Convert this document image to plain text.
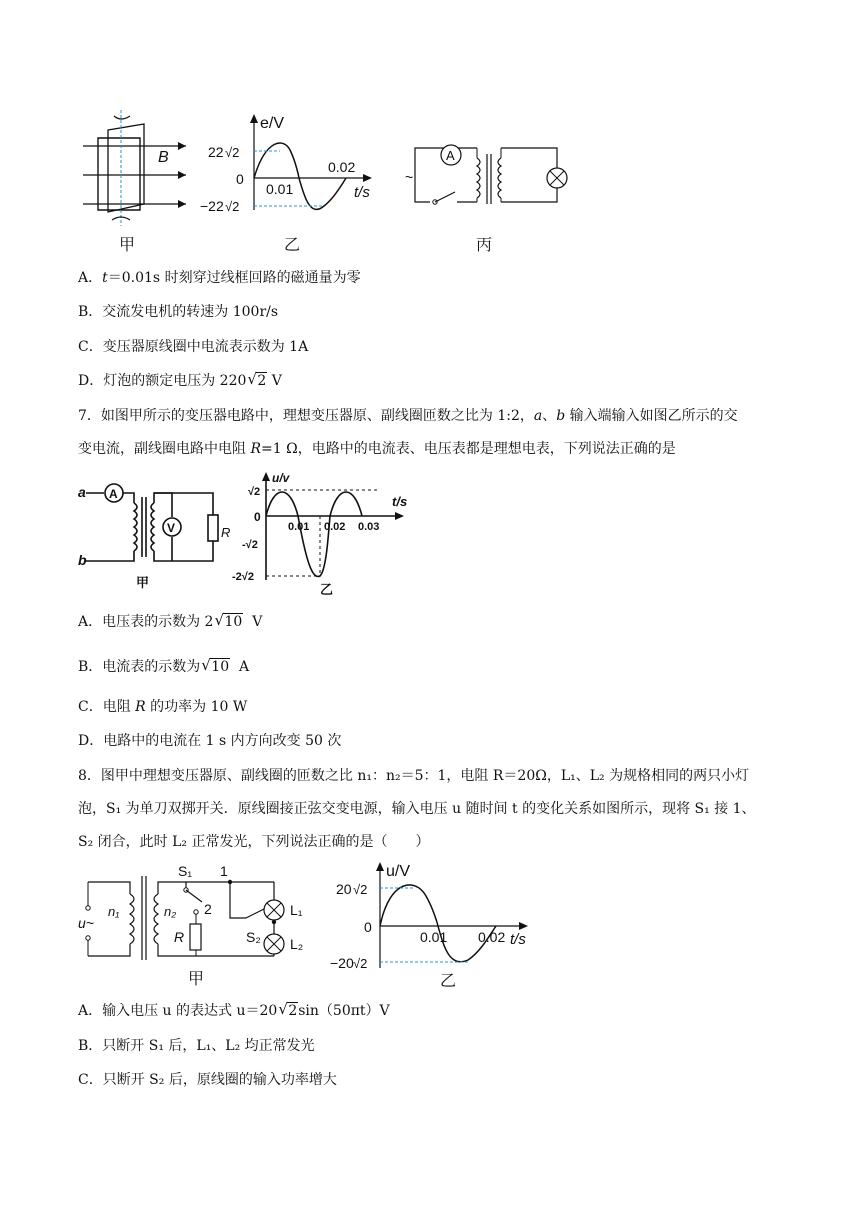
B
甲
e/V
22 √2
0
−22 √2
0.01
0.02
t/s
乙
A
~
丙
A．t＝0.01s 时刻穿过线框回路的磁通量为零
B．交流发电机的转速为 100r/s
C．变压器原线圈中电流表示数为 1A
D．灯泡的额定电压为 220 √ 2 V
7．如图甲所示的变压器电路中，理想变压器原、副线圈匝数之比为 1:2，a、b 输入端输入如图乙所示的交
变电流，副线圈电路中电阻 R=1 Ω，电路中的电流表、电压表都是理想电表，下列说法正确的是
A
V
a
b
R
甲
u/v
√2
0
-√2
-2√2
0.01 0.02 0.03
t/s
乙
A．电压表的示数为 2 √ 10 V
B．电流表的示数为 √ 10 A
C．电阻 R 的功率为 10 W
D．电路中的电流在 1 s 内方向改变 50 次
8．图甲中理想变压器原、副线圈的匝数之比 n₁：n₂＝5：1，电阻 R＝20Ω，L₁、L₂ 为规格相同的两只小灯
泡，S₁ 为单刀双掷开关．原线圈接正弦交变电源，输入电压 u 随时间 t 的变化关系如图所示，现将 S₁ 接 1、
S₂ 闭合，此时 L₂ 正常发光，下列说法正确的是（　　）
S₁ 1
2
n₁	n₂
R
u~
L₁
L₂
S₂
甲
u/V
20 √2
0
−20 √2
0.01 0.02 t/s
乙
A．输入电压 u 的表达式 u＝20 √ 2sin（50πt）V
B．只断开 S₁ 后，L₁、L₂ 均正常发光
C．只断开 S₂ 后，原线圈的输入功率增大
